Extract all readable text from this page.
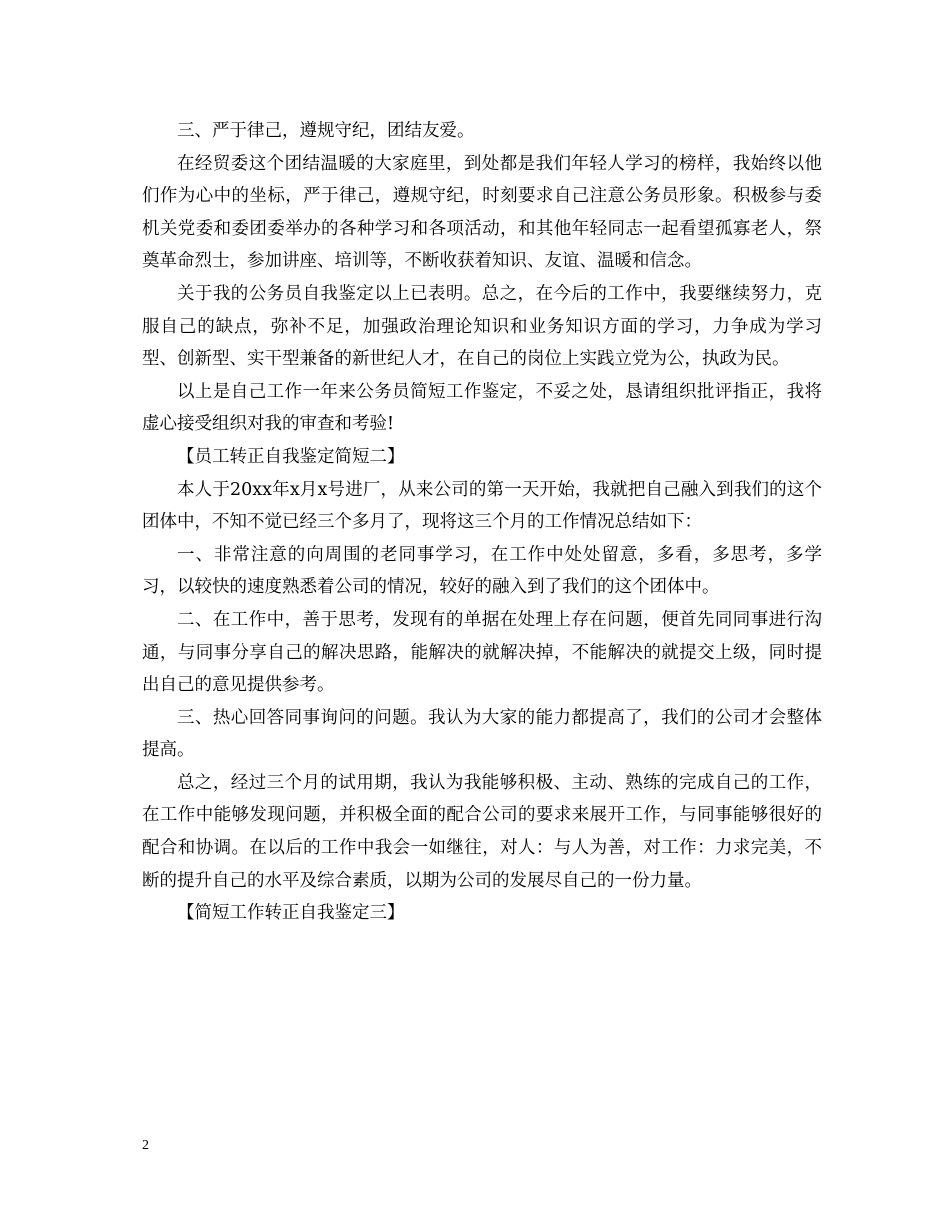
三、严于律己，遵规守纪，团结友爱。

在经贸委这个团结温暖的大家庭里，到处都是我们年轻人学习的榜样，我始终以他们作为心中的坐标，严于律己，遵规守纪，时刻要求自己注意公务员形象。积极参与委机关党委和委团委举办的各种学习和各项活动，和其他年轻同志一起看望孤寡老人，祭奠革命烈士，参加讲座、培训等，不断收获着知识、友谊、温暖和信念。

关于我的公务员自我鉴定以上已表明。总之，在今后的工作中，我要继续努力，克服自己的缺点，弥补不足，加强政治理论知识和业务知识方面的学习，力争成为学习型、创新型、实干型兼备的新世纪人才，在自己的岗位上实践立党为公，执政为民。

以上是自己工作一年来公务员简短工作鉴定，不妥之处，恳请组织批评指正，我将虚心接受组织对我的审查和考验!

【员工转正自我鉴定简短二】

本人于20xx年x月x号进厂，从来公司的第一天开始，我就把自己融入到我们的这个团体中，不知不觉已经三个多月了，现将这三个月的工作情况总结如下：

一、非常注意的向周围的老同事学习，在工作中处处留意，多看，多思考，多学习，以较快的速度熟悉着公司的情况，较好的融入到了我们的这个团体中。

二、在工作中，善于思考，发现有的单据在处理上存在问题，便首先同同事进行沟通，与同事分享自己的解决思路，能解决的就解决掉，不能解决的就提交上级，同时提出自己的意见提供参考。

三、热心回答同事询问的问题。我认为大家的能力都提高了，我们的公司才会整体提高。

总之，经过三个月的试用期，我认为我能够积极、主动、熟练的完成自己的工作，在工作中能够发现问题，并积极全面的配合公司的要求来展开工作，与同事能够很好的配合和协调。在以后的工作中我会一如继往，对人：与人为善，对工作：力求完美，不断的提升自己的水平及综合素质，以期为公司的发展尽自己的一份力量。

【简短工作转正自我鉴定三】

2
